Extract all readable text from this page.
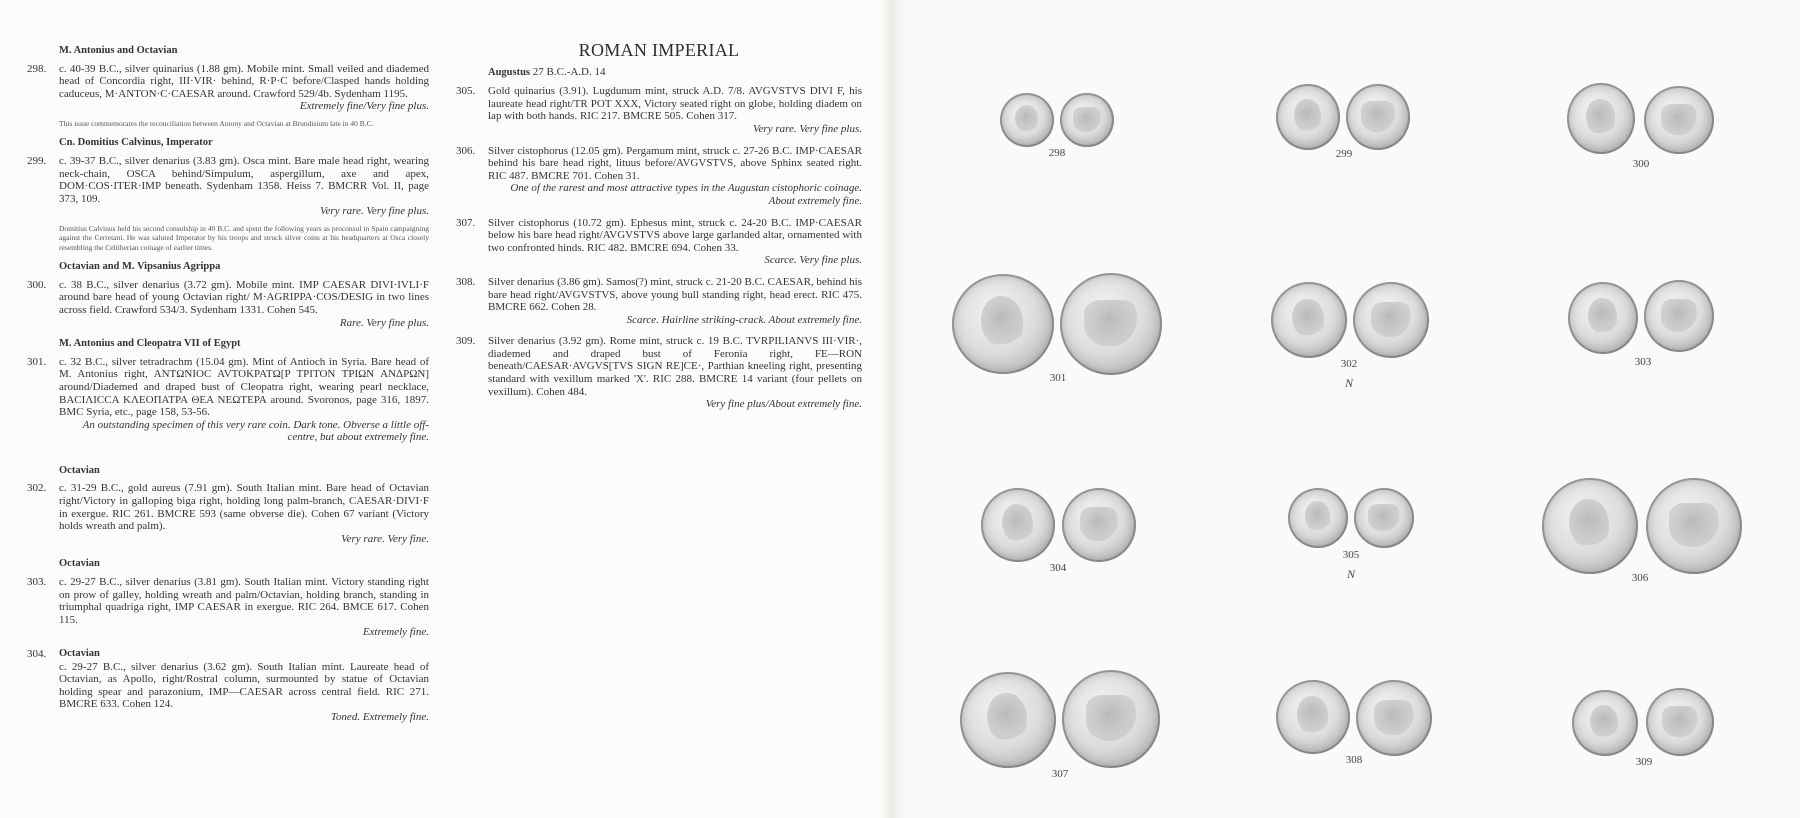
M. Antonius and Octavian
298. c. 40-39 B.C., silver quinarius (1.88 gm). Mobile mint. Small veiled and diademed head of Concordia right, III·VIR· behind, R·P·C before/Clasped hands holding caduceus, M·ANTON·C·CAESAR around. Crawford 529/4b. Sydenham 1195.
Extremely fine/Very fine plus.
This issue commemorates the reconciliation between Antony and Octavian at Brundisium late in 40 B.C.
Cn. Domitius Calvinus, Imperator
299. c. 39-37 B.C., silver denarius (3.83 gm). Osca mint. Bare male head right, wearing neck-chain, OSCA behind/Simpulum, aspergillum, axe and apex, DOM·COS·ITER·IMP beneath. Sydenham 1358. Heiss 7. BMCRR Vol. II, page 373, 109.
Very rare. Very fine plus.
Domitius Calvinus held his second consulship in 40 B.C. and spent the following years as proconsul in Spain campaigning against the Cerretani. He was saluted Imperator by his troops and struck silver coins at his headquarters at Osca closely resembling the Celtiberian coinage of earlier times.
Octavian and M. Vipsanius Agrippa
300. c. 38 B.C., silver denarius (3.72 gm). Mobile mint. IMP CAESAR DIVI·IVLI·F around bare head of young Octavian right/ M·AGRIPPA·COS/DESIG in two lines across field. Crawford 534/3. Sydenham 1331. Cohen 545.
Rare. Very fine plus.
M. Antonius and Cleopatra VII of Egypt
301. c. 32 B.C., silver tetradrachm (15.04 gm). Mint of Antioch in Syria. Bare head of M. Antonius right, ANTΩNIOC AVTOKPATΩ[P TPITON TPIΩN ANΔPΩN] around/Diademed and draped bust of Cleopatra right, wearing pearl necklace, BACIΛICCA KΛEOΠATPA ΘEA NEΩTEPA around. Svoronos, page 316, 1897. BMC Syria, etc., page 158, 53-56.
An outstanding specimen of this very rare coin. Dark tone. Obverse a little off-centre, but about extremely fine.
Octavian
302. c. 31-29 B.C., gold aureus (7.91 gm). South Italian mint. Bare head of Octavian right/Victory in galloping biga right, holding long palm-branch, CAESAR·DIVI·F in exergue. RIC 261. BMCRE 593 (same obverse die). Cohen 67 variant (Victory holds wreath and palm).
Very rare. Very fine.
Octavian
303. c. 29-27 B.C., silver denarius (3.81 gm). South Italian mint. Victory standing right on prow of galley, holding wreath and palm/Octavian, holding branch, standing in triumphal quadriga right, IMP CAESAR in exergue. RIC 264. BMCE 617. Cohen 115.
Extremely fine.
304. Octavian
c. 29-27 B.C., silver denarius (3.62 gm). South Italian mint. Laureate head of Octavian, as Apollo, right/Rostral column, surmounted by statue of Octavian holding spear and parazonium, IMP—CAESAR across central field. RIC 271. BMCRE 633. Cohen 124.
Toned. Extremely fine.
ROMAN IMPERIAL
Augustus 27 B.C.-A.D. 14
305. Gold quinarius (3.91). Lugdunum mint, struck A.D. 7/8. AVGVSTVS DIVI F, his laureate head right/TR POT XXX, Victory seated right on globe, holding diadem on lap with both hands. RIC 217. BMCRE 505. Cohen 317.
Very rare. Very fine plus.
306. Silver cistophorus (12.05 gm). Pergamum mint, struck c. 27-26 B.C. IMP·CAESAR behind his bare head right, lituus before/AVGVSTVS, above Sphinx seated right. RIC 487. BMCRE 701. Cohen 31.
One of the rarest and most attractive types in the Augustan cistophoric coinage. About extremely fine.
307. Silver cistophorus (10.72 gm). Ephesus mint, struck c. 24-20 B.C. IMP·CAESAR below his bare head right/AVGVSTVS above large garlanded altar, ornamented with two confronted hinds. RIC 482. BMCRE 694. Cohen 33.
Scarce. Very fine plus.
308. Silver denarius (3.86 gm). Samos(?) mint, struck c. 21-20 B.C. CAESAR, behind his bare head right/AVGVSTVS, above young bull standing right, head erect. RIC 475. BMCRE 662. Cohen 28.
Scarce. Hairline striking-crack. About extremely fine.
309. Silver denarius (3.92 gm). Rome mint, struck c. 19 B.C. TVRPILIANVS III·VIR·, diademed and draped bust of Feronia right, FE—RON beneath/CAESAR·AVGVS[TVS SIGN RE]CE·, Parthian kneeling right, presenting standard with vexillum marked 'X'. RIC 288. BMCRE 14 variant (four pellets on vexillum). Cohen 484.
Very fine plus/About extremely fine.
298	299
300
301
302
N
303
304
305
N	306
307
308	309
